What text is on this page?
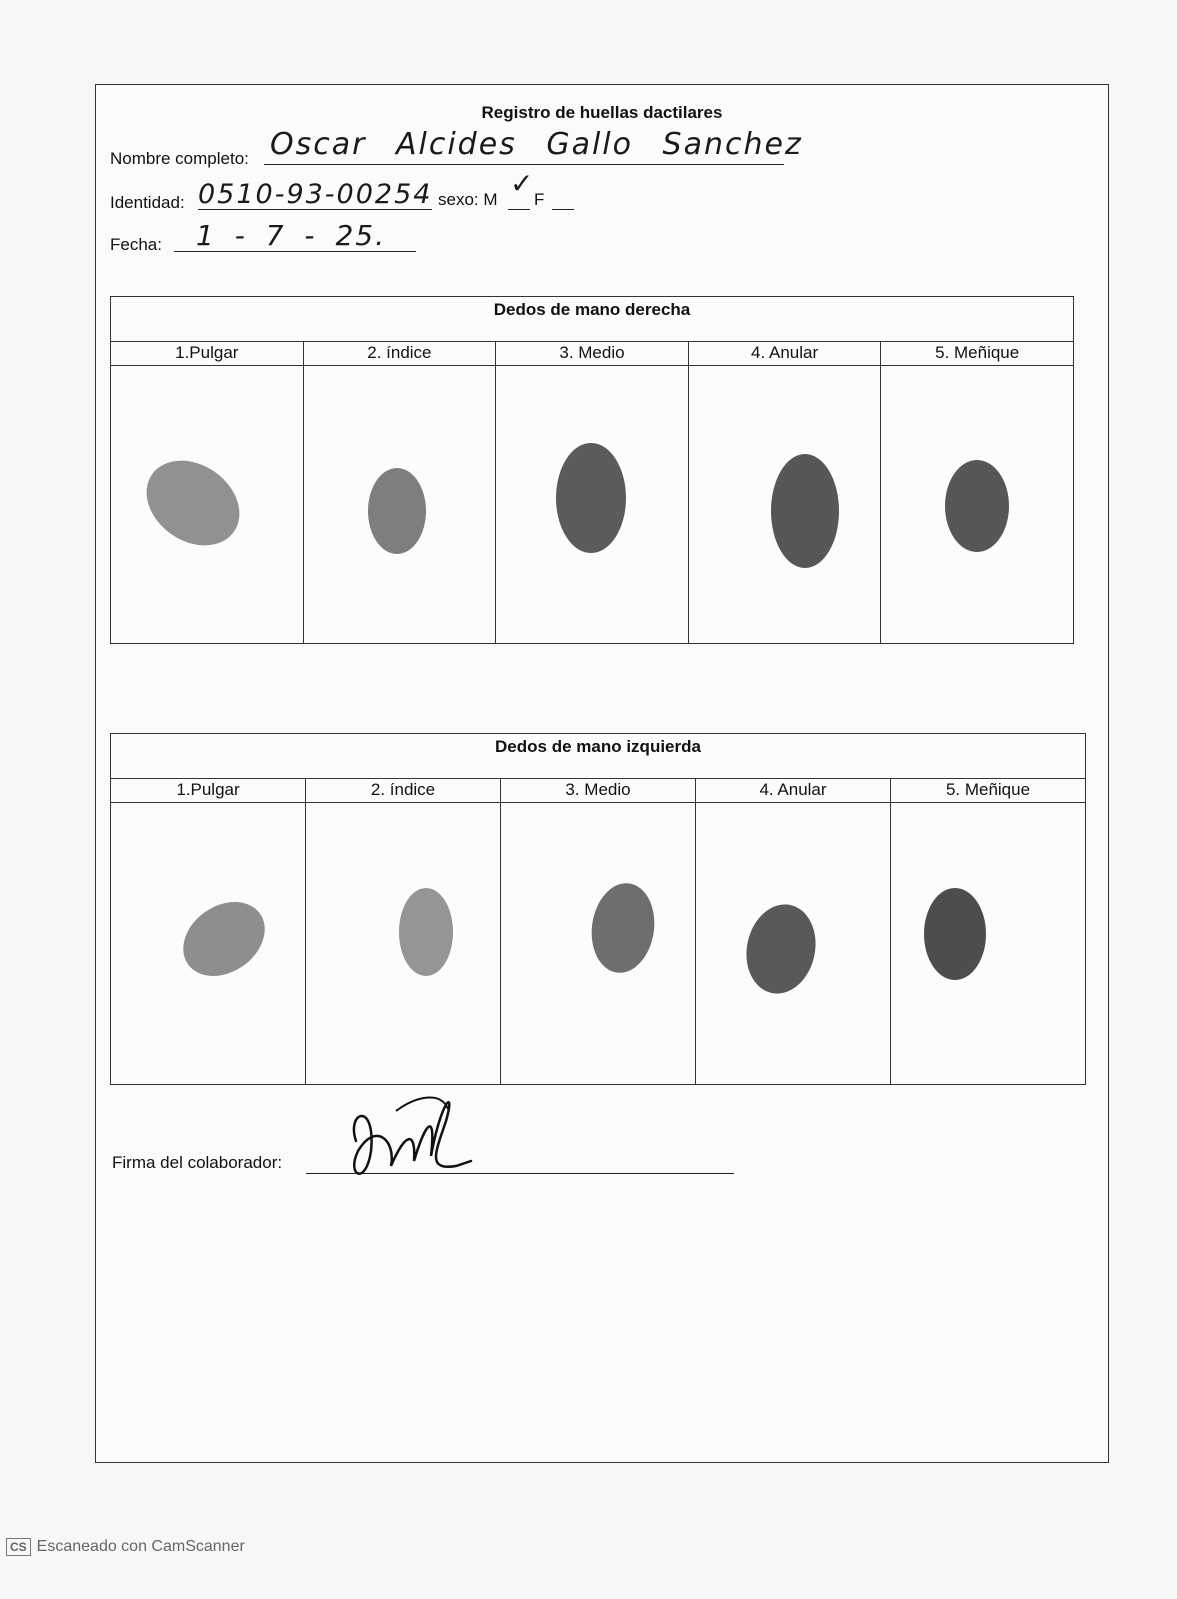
Registro de huellas dactilares
Nombre completo: Oscar Alcides Gallo Sanchez
Identidad: 0510-93-00254 sexo: M ✓
F
Fecha: 1 - 7 - 25.
Dedos de mano derecha
1.Pulgar	2. índice	3. Medio	4. Anular	5. Meñique
Dedos de mano izquierda
1.Pulgar	2. índice	3. Medio	4. Anular	5. Meñique
Firma del colaborador:
CS Escaneado con CamScanner
